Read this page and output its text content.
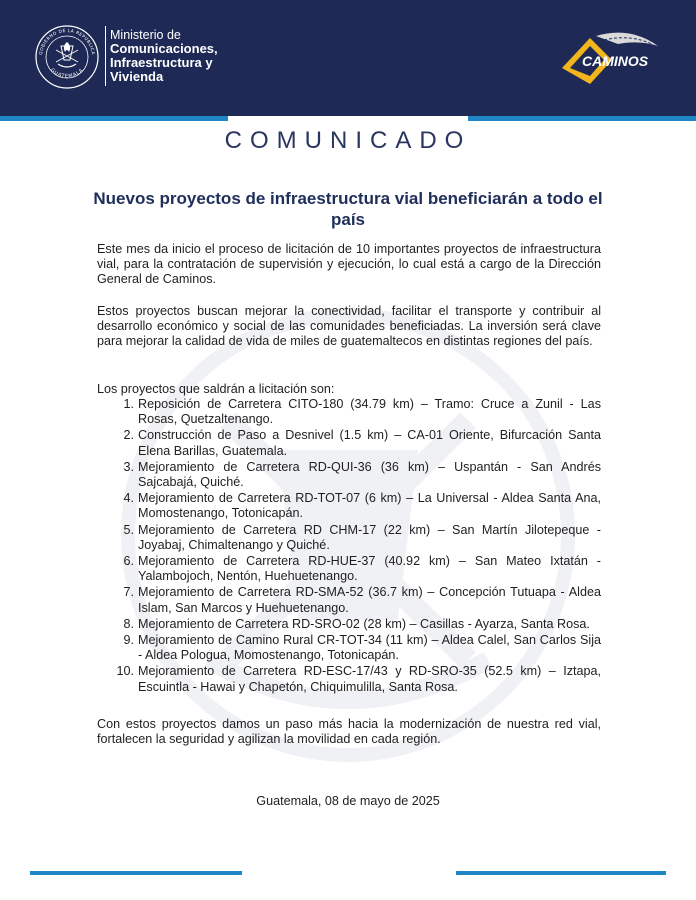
GOBIERNO DE LA REPÚBLICA
GUATEMALA
Ministerio de
Comunicaciones,
Infraestructura y
Vivienda
CAMINOS
COMUNICADO
Nuevos proyectos de infraestructura vial beneficiarán a todo el país

Este mes da inicio el proceso de licitación de 10 importantes proyectos de infraestructura vial, para la contratación de supervisión y ejecución, lo cual está a cargo de la Dirección General de Caminos.

Estos proyectos buscan mejorar la conectividad, facilitar el transporte y contribuir al desarrollo económico y social de las comunidades beneficiadas. La inversión será clave para mejorar la calidad de vida de miles de guatemaltecos en distintas regiones del país.

Los proyectos que saldrán a licitación son:

1. Reposición de Carretera CITO-180 (34.79 km) – Tramo: Cruce a Zunil - Las Rosas, Quetzaltenango.
2. Construcción de Paso a Desnivel (1.5 km) – CA-01 Oriente, Bifurcación Santa Elena Barillas, Guatemala.
3. Mejoramiento de Carretera RD-QUI-36 (36 km) – Uspantán - San Andrés Sajcabajá, Quiché.
4. Mejoramiento de Carretera RD-TOT-07 (6 km) – La Universal - Aldea Santa Ana, Momostenango, Totonicapán.
5. Mejoramiento de Carretera RD CHM-17 (22 km) – San Martín Jilotepeque - Joyabaj, Chimaltenango y Quiché.
6. Mejoramiento de Carretera RD-HUE-37 (40.92 km) – San Mateo Ixtatán - Yalambojoch, Nentón, Huehuetenango.
7. Mejoramiento de Carretera RD-SMA-52 (36.7 km) – Concepción Tutuapa - Aldea Islam, San Marcos y Huehuetenango.
8. Mejoramiento de Carretera RD-SRO-02 (28 km) – Casillas - Ayarza, Santa Rosa.
9. Mejoramiento de Camino Rural CR-TOT-34 (11 km) – Aldea Calel, San Carlos Sija - Aldea Pologua, Momostenango, Totonicapán.
10. Mejoramiento de Carretera RD-ESC-17/43 y RD-SRO-35 (52.5 km) – Iztapa, Escuintla - Hawai y Chapetón, Chiquimulilla, Santa Rosa.

Con estos proyectos damos un paso más hacia la modernización de nuestra red vial, fortalecen la seguridad y agilizan la movilidad en cada región.

Guatemala, 08 de mayo de 2025
